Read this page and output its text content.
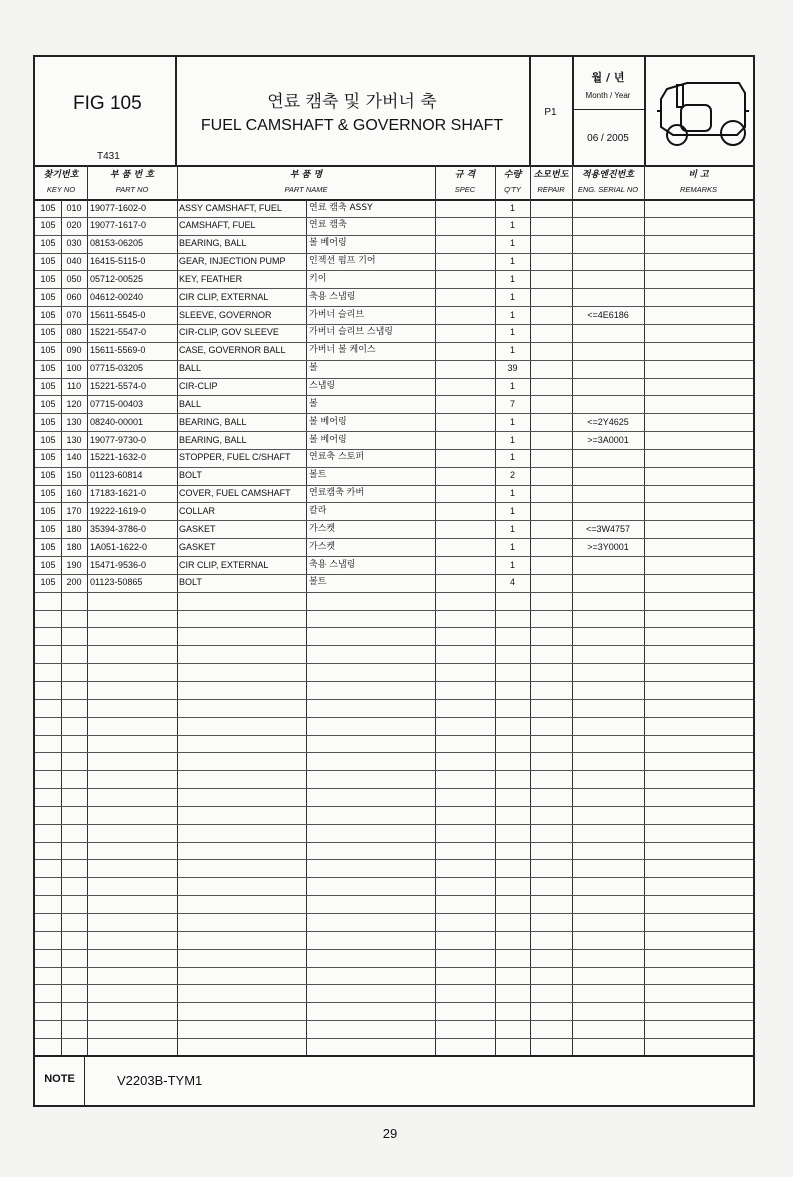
FIG 105
T431
연료 캠축 및 가버너 축
FUEL CAMSHAFT & GOVERNOR SHAFT
P1
월 / 년
Month / Year
06 / 2005
찾기번호
KEY NO
부 품 번 호
PART NO
부 품 명
PART NAME
규 격
SPEC
수량
Q'TY
소모번도
REPAIR
적용엔진번호
ENG. SERIAL NO
비 고
REMARKS
105	010 19077-1602-0	ASSY CAMSHAFT, FUEL	연료 캠축 ASSY	1
105	020 19077-1617-0	CAMSHAFT, FUEL	연료 캠축	1
105	030 08153-06205	BEARING, BALL	볼 베어링	1
105	040 16415-5115-0	GEAR, INJECTION PUMP	인젝션 펌프 기어	1
105	050 05712-00525	KEY, FEATHER	키이	1
105	060 04612-00240	CIR CLIP, EXTERNAL	축용 스냅링	1
105	070 15611-5545-0	SLEEVE, GOVERNOR	가버너 슬리브	1	<=4E6186
105	080 15221-5547-0	CIR-CLIP, GOV SLEEVE	가버너 슬리브 스냅링	1
105	090 15611-5569-0	CASE, GOVERNOR BALL	가버너 볼 케이스	1
105	100 07715-03205	BALL	볼	39
105	110 15221-5574-0	CIR-CLIP	스냅링	1
105	120 07715-00403	BALL	볼	7
105	130 08240-00001	BEARING, BALL	볼 베어링	1	<=2Y4625
105	130 19077-9730-0	BEARING, BALL	볼 베어링	1	>=3A0001
105	140 15221-1632-0	STOPPER, FUEL C/SHAFT	연료축 스토퍼	1
105	150 01123-60814	BOLT	볼트	2
105	160 17183-1621-0	COVER, FUEL CAMSHAFT	연료캠축 카버	1
105	170 19222-1619-0	COLLAR	칼라	1
105	180 35394-3786-0	GASKET	가스켓	1	<=3W4757
105	180 1A051-1622-0	GASKET	가스켓	1	>=3Y0001
105	190 15471-9536-0	CIR CLIP, EXTERNAL	축용 스냅링	1
105	200 01123-50865	BOLT	볼트	4
NOTE	V2203B-TYM1
29
